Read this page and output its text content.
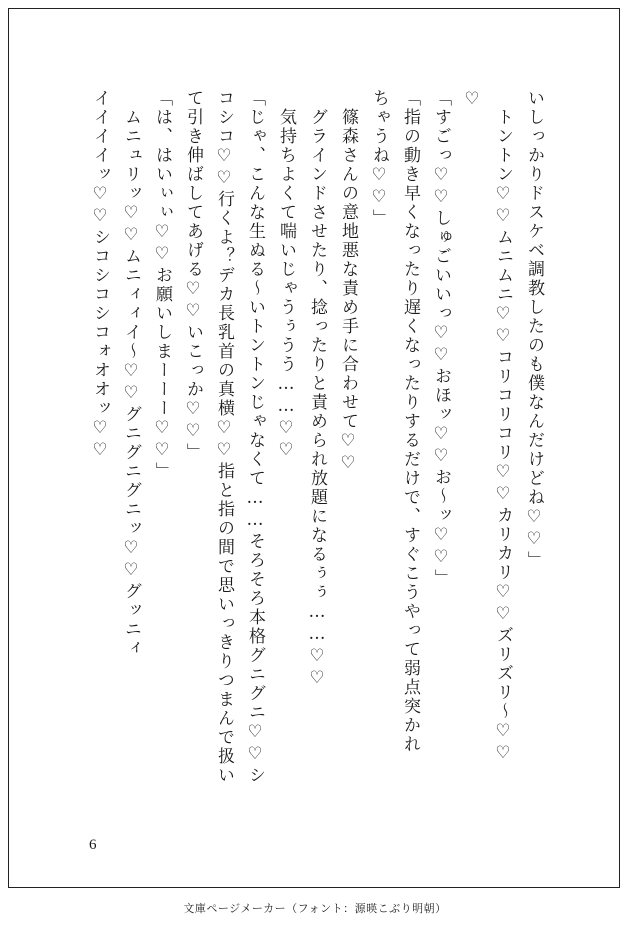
いしっかりドスケベ調教したのも僕なんだけどね♡♡」
　トントン♡♡ムニムニ♡♡コリコリコリ♡♡カリカリ♡♡ズリズリ～♡♡
♡
「すごっ♡♡しゅごいいっ♡♡おほッ♡♡お～ッ♡♡」
「指の動き早くなったり遅くなったりするだけで、すぐこうやって弱点突かれ
ちゃうね♡♡」
　篠森さんの意地悪な責め手に合わせて♡♡
　グラインドさせたり、捻ったりと責められ放題になるぅぅ……♡♡
　気持ちよくて喘いじゃうぅうう……♡♡
「じゃ、こんな生ぬる～いトントンじゃなくて……そろそろ本格グニグニ♡♡シ
コシコ♡♡行くよ？デカ長乳首の真横♡♡指と指の間で思いっきりつまんで扱い
て引き伸ばしてあげる♡♡いこっか♡♡」
「は、はいぃぃ♡♡お願いしまーーー♡♡」
　ムニュリッ♡♡ムニィィイ～♡♡グニグニグニッ♡♡グッニィ
イイイイッ♡♡シコシコシコォオオッ♡♡
6
文庫ページメーカー（フォント：源暎こぶり明朝）
